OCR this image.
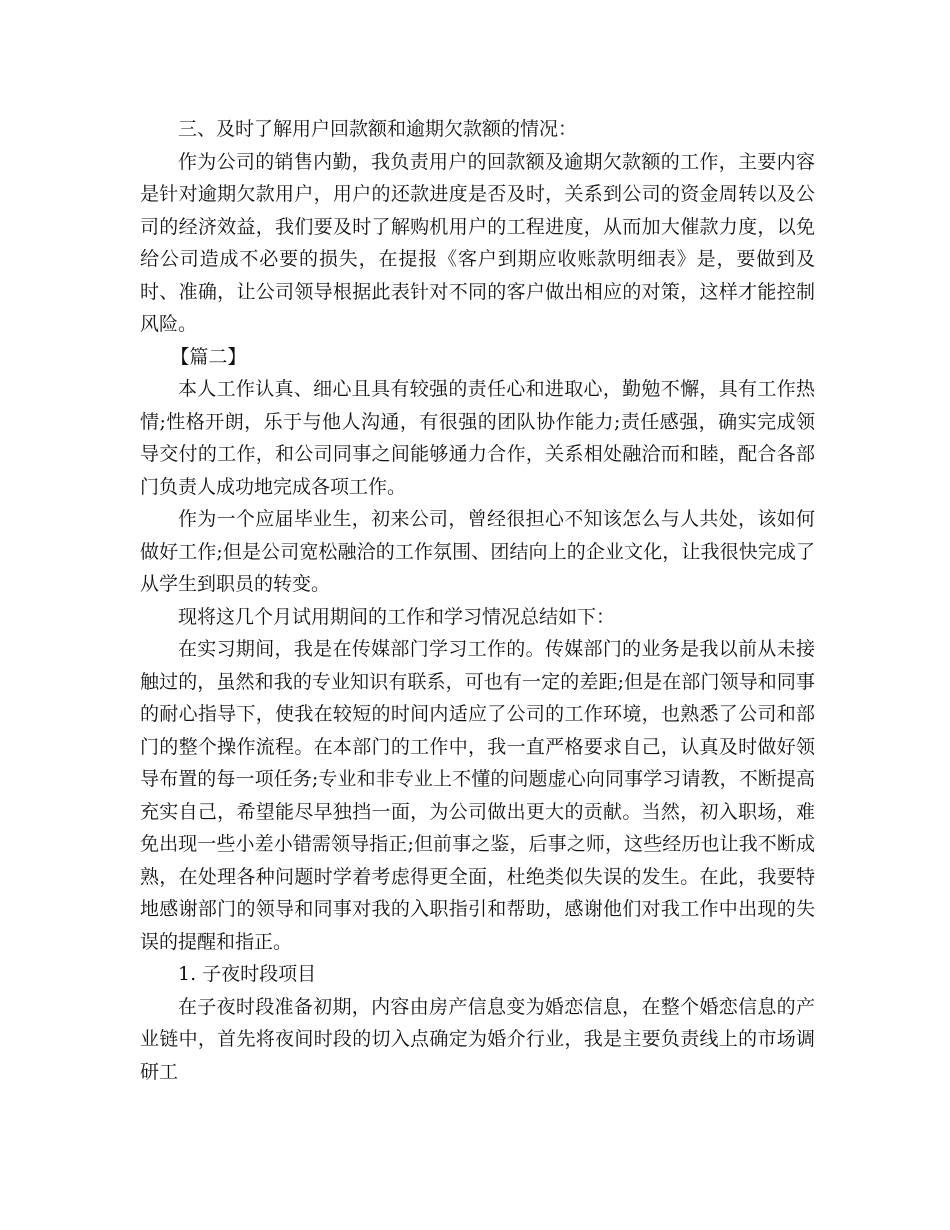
三、及时了解用户回款额和逾期欠款额的情况：

作为公司的销售内勤，我负责用户的回款额及逾期欠款额的工作，主要内容是针对逾期欠款用户，用户的还款进度是否及时，关系到公司的资金周转以及公司的经济效益，我们要及时了解购机用户的工程进度，从而加大催款力度，以免给公司造成不必要的损失，在提报《客户到期应收账款明细表》是，要做到及时、准确，让公司领导根据此表针对不同的客户做出相应的对策，这样才能控制风险。

【篇二】

本人工作认真、细心且具有较强的责任心和进取心，勤勉不懈，具有工作热情;性格开朗，乐于与他人沟通，有很强的团队协作能力;责任感强，确实完成领导交付的工作，和公司同事之间能够通力合作，关系相处融洽而和睦，配合各部门负责人成功地完成各项工作。

作为一个应届毕业生，初来公司，曾经很担心不知该怎么与人共处，该如何做好工作;但是公司宽松融洽的工作氛围、团结向上的企业文化，让我很快完成了从学生到职员的转变。

现将这几个月试用期间的工作和学习情况总结如下：

在实习期间，我是在传媒部门学习工作的。传媒部门的业务是我以前从未接触过的，虽然和我的专业知识有联系，可也有一定的差距;但是在部门领导和同事的耐心指导下，使我在较短的时间内适应了公司的工作环境，也熟悉了公司和部门的整个操作流程。在本部门的工作中，我一直严格要求自己，认真及时做好领导布置的每一项任务;专业和非专业上不懂的问题虚心向同事学习请教，不断提高充实自己，希望能尽早独挡一面，为公司做出更大的贡献。当然，初入职场，难免出现一些小差小错需领导指正;但前事之鉴，后事之师，这些经历也让我不断成熟，在处理各种问题时学着考虑得更全面，杜绝类似失误的发生。在此，我要特地感谢部门的领导和同事对我的入职指引和帮助，感谢他们对我工作中出现的失误的提醒和指正。

1. 子夜时段项目

在子夜时段准备初期，内容由房产信息变为婚恋信息，在整个婚恋信息的产业链中，首先将夜间时段的切入点确定为婚介行业，我是主要负责线上的市场调研工
